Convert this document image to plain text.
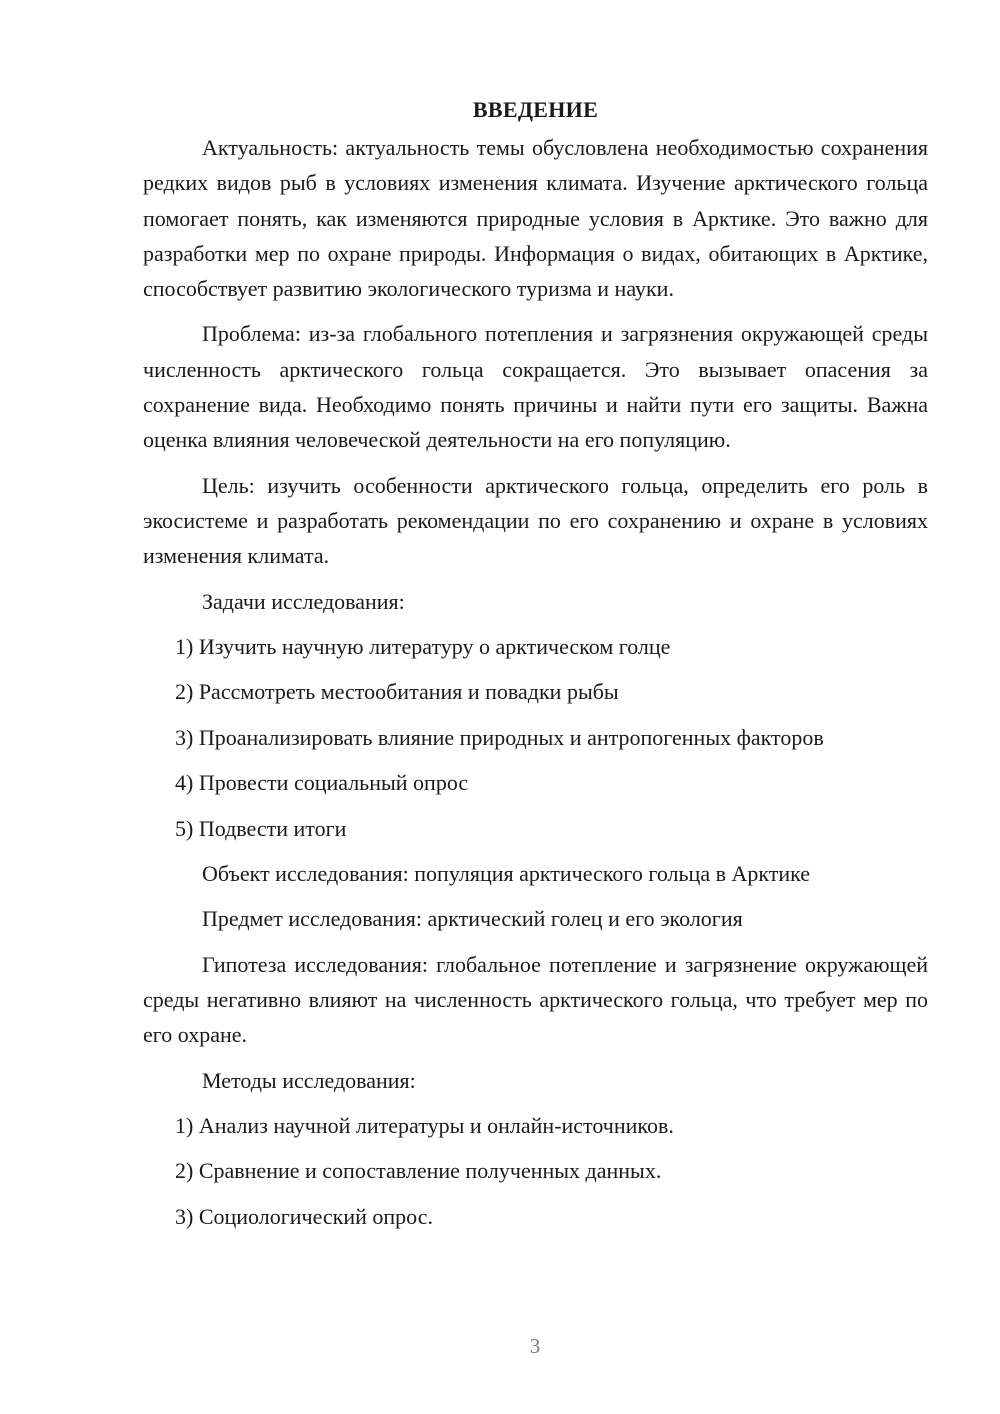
ВВЕДЕНИЕ

Актуальность: актуальность темы обусловлена необходимостью сохранения редких видов рыб в условиях изменения климата. Изучение арктического гольца помогает понять, как изменяются природные условия в Арктике. Это важно для разработки мер по охране природы. Информация о видах, обитающих в Арктике, способствует развитию экологического туризма и науки.

Проблема: из-за глобального потепления и загрязнения окружающей среды численность арктического гольца сокращается. Это вызывает опасения за сохранение вида. Необходимо понять причины и найти пути его защиты. Важна оценка влияния человеческой деятельности на его популяцию.

Цель: изучить особенности арктического гольца, определить его роль в экосистеме и разработать рекомендации по его сохранению и охране в условиях изменения климата.

Задачи исследования:
1) Изучить научную литературу о арктическом голце
2) Рассмотреть местообитания и повадки рыбы
3) Проанализировать влияние природных и антропогенных факторов
4) Провести социальный опрос
5) Подвести итоги
Объект исследования: популяция арктического гольца в Арктике
Предмет исследования: арктический голец и его экология

Гипотеза исследования: глобальное потепление и загрязнение окружающей среды негативно влияют на численность арктического гольца, что требует мер по его охране.

Методы исследования:
1) Анализ научной литературы и онлайн-источников.
2) Сравнение и сопоставление полученных данных.
3) Социологический опрос.
3
